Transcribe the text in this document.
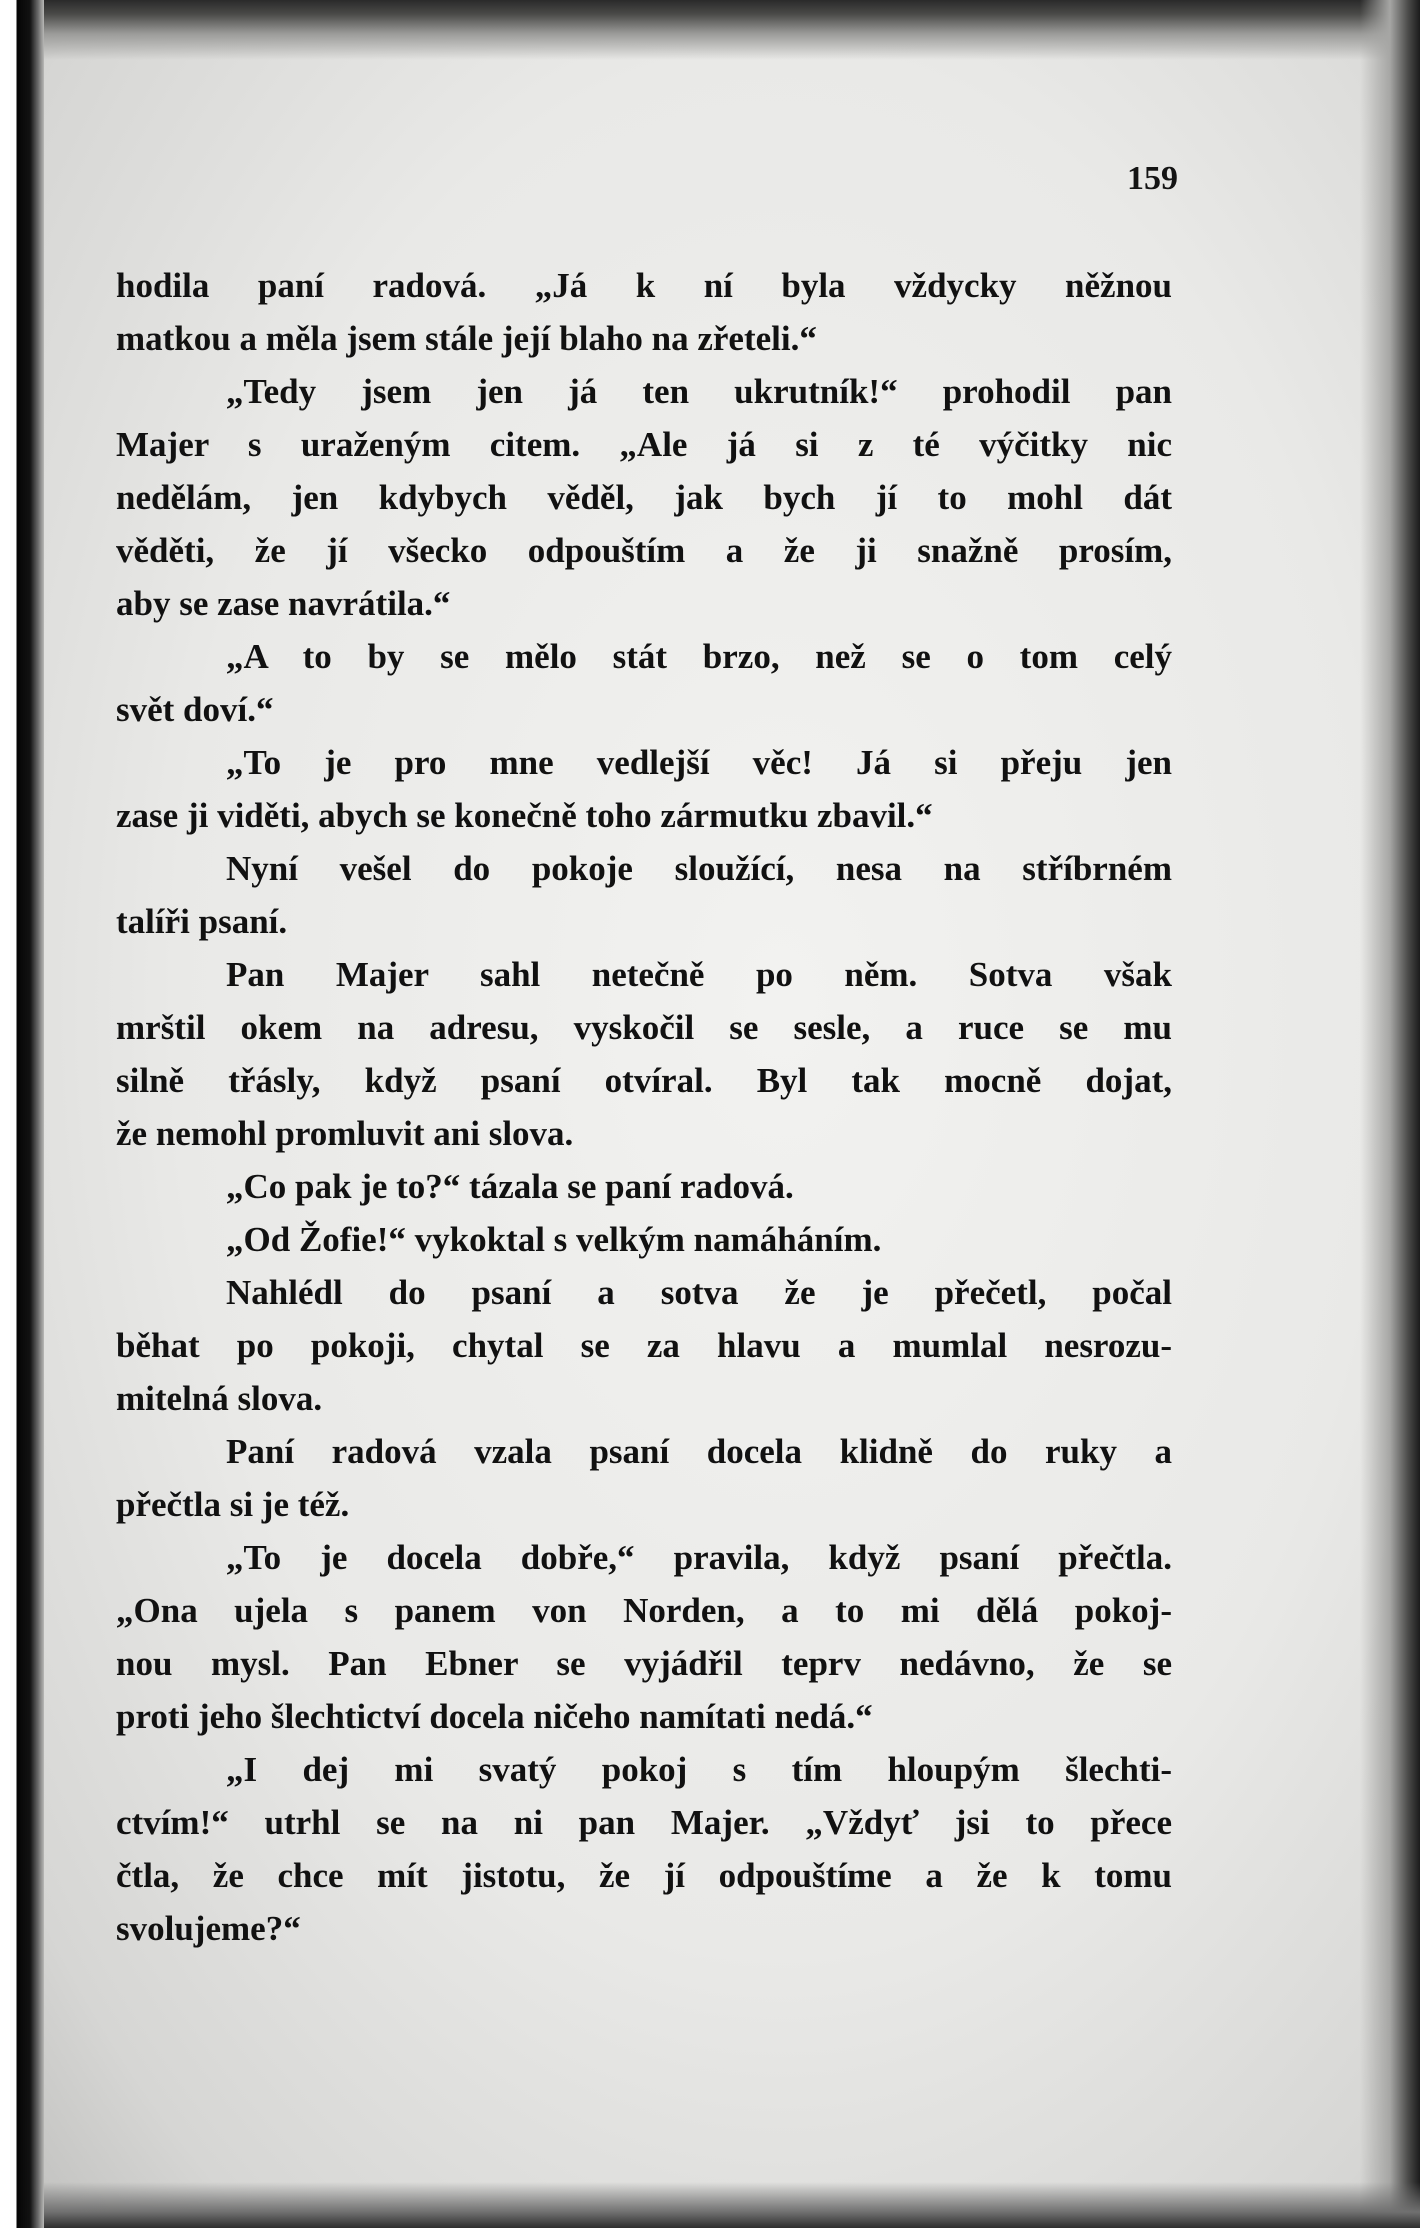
159
hodila paní radová. „Já k ní byla vždycky něžnou
matkou a měla jsem stále její blaho na zřeteli.“
„Tedy jsem jen já ten ukrutník!“ prohodil pan
Majer s uraženým citem. „Ale já si z té výčitky nic
nedělám, jen kdybych věděl, jak bych jí to mohl dát
věděti, že jí všecko odpouštím a že ji snažně prosím,
aby se zase navrátila.“
„A to by se mělo stát brzo, než se o tom celý
svět doví.“
„To je pro mne vedlejší věc! Já si přeju jen
zase ji viděti, abych se konečně toho zármutku zbavil.“
Nyní vešel do pokoje sloužící, nesa na stříbrném
talíři psaní.
Pan Majer sahl netečně po něm. Sotva však
mrštil okem na adresu, vyskočil se sesle, a ruce se mu
silně třásly, když psaní otvíral. Byl tak mocně dojat,
že nemohl promluvit ani slova.
„Co pak je to?“ tázala se paní radová.
„Od Žofie!“ vykoktal s velkým namáháním.
Nahlédl do psaní a sotva že je přečetl, počal
běhat po pokoji, chytal se za hlavu a mumlal nesrozu-
mitelná slova.
Paní radová vzala psaní docela klidně do ruky a
přečtla si je též.
„To je docela dobře,“ pravila, když psaní přečtla.
„Ona ujela s panem von Norden, a to mi dělá pokoj-
nou mysl. Pan Ebner se vyjádřil teprv nedávno, že se
proti jeho šlechtictví docela ničeho namítati nedá.“
„I dej mi svatý pokoj s tím hloupým šlechti-
ctvím!“ utrhl se na ni pan Majer. „Vždyť jsi to přece
čtla, že chce mít jistotu, že jí odpouštíme a že k tomu
svolujeme?“
